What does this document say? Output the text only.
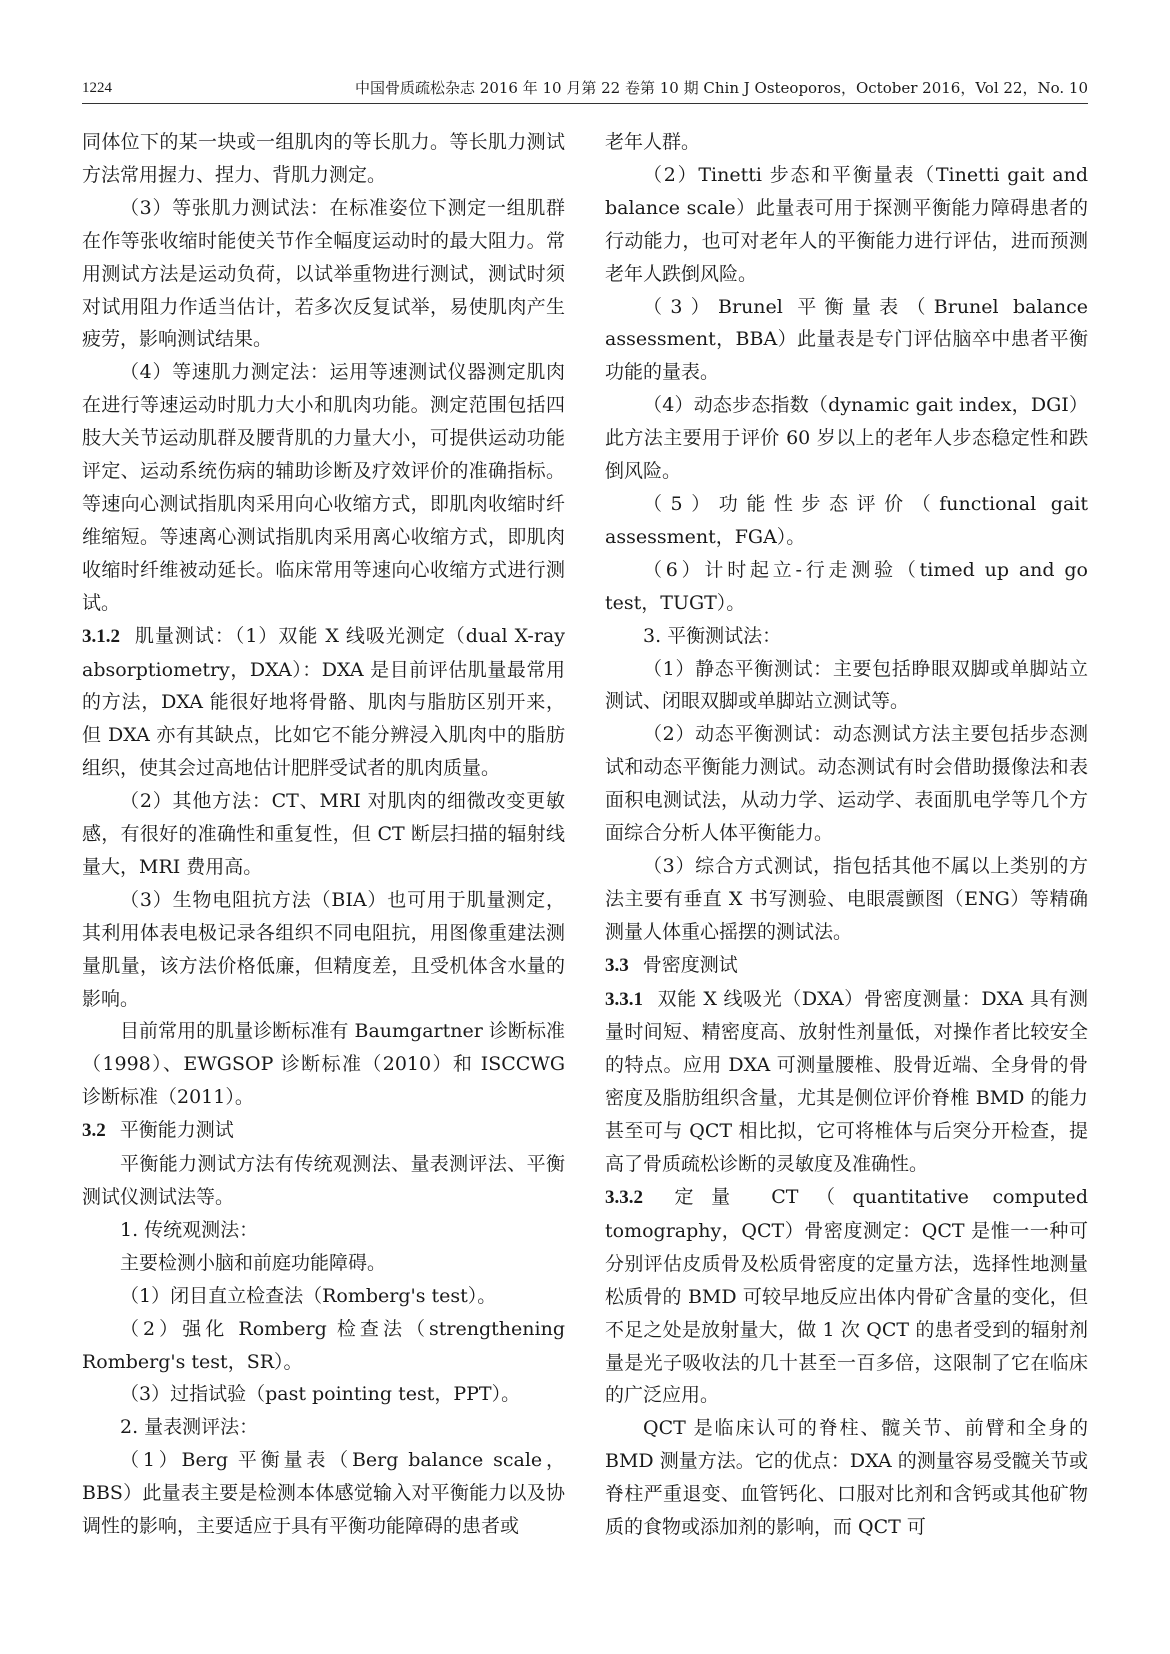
1224	中国骨质疏松杂志 2016 年 10 月第 22 卷第 10 期 Chin J Osteoporos，October 2016，Vol 22，No. 10

同体位下的某一块或一组肌肉的等长肌力。等长肌力测试方法常用握力、捏力、背肌力测定。

（3）等张肌力测试法：在标准姿位下测定一组肌群在作等张收缩时能使关节作全幅度运动时的最大阻力。常用测试方法是运动负荷，以试举重物进行测试，测试时须对试用阻力作适当估计，若多次反复试举，易使肌肉产生疲劳，影响测试结果。

（4）等速肌力测定法：运用等速测试仪器测定肌肉在进行等速运动时肌力大小和肌肉功能。测定范围包括四肢大关节运动肌群及腰背肌的力量大小，可提供运动功能评定、运动系统伤病的辅助诊断及疗效评价的准确指标。等速向心测试指肌肉采用向心收缩方式，即肌肉收缩时纤维缩短。等速离心测试指肌肉采用离心收缩方式，即肌肉收缩时纤维被动延长。临床常用等速向心收缩方式进行测试。

3.1.2 肌量测试：（1）双能 X 线吸光测定（dual X-ray absorptiometry，DXA）：DXA 是目前评估肌量最常用的方法，DXA 能很好地将骨骼、肌肉与脂肪区别开来，但 DXA 亦有其缺点，比如它不能分辨浸入肌肉中的脂肪组织，使其会过高地估计肥胖受试者的肌肉质量。

（2）其他方法：CT、MRI 对肌肉的细微改变更敏感，有很好的准确性和重复性，但 CT 断层扫描的辐射线量大，MRI 费用高。

（3）生物电阻抗方法（BIA）也可用于肌量测定，其利用体表电极记录各组织不同电阻抗，用图像重建法测量肌量，该方法价格低廉，但精度差，且受机体含水量的影响。

目前常用的肌量诊断标准有 Baumgartner 诊断标准（1998）、EWGSOP 诊断标准（2010）和 ISCCWG 诊断标准（2011）。

3.2 平衡能力测试

平衡能力测试方法有传统观测法、量表测评法、平衡测试仪测试法等。

1. 传统观测法：

主要检测小脑和前庭功能障碍。

（1）闭目直立检查法（Romberg's test）。

（2）强化 Romberg 检查法（strengthening Romberg's test，SR）。

（3）过指试验（past pointing test，PPT）。

2. 量表测评法：

（1）Berg 平衡量表（Berg balance scale，BBS）此量表主要是检测本体感觉输入对平衡能力以及协调性的影响，主要适应于具有平衡功能障碍的患者或

老年人群。

（2）Tinetti 步态和平衡量表（Tinetti gait and balance scale）此量表可用于探测平衡能力障碍患者的行动能力，也可对老年人的平衡能力进行评估，进而预测老年人跌倒风险。

（3）Brunel 平衡量表（Brunel balance assessment，BBA）此量表是专门评估脑卒中患者平衡功能的量表。

（4）动态步态指数（dynamic gait index，DGI）此方法主要用于评价 60 岁以上的老年人步态稳定性和跌倒风险。

（5）功能性步态评价（functional gait assessment，FGA）。

（6）计时起立-行走测验（timed up and go test，TUGT）。

3. 平衡测试法：

（1）静态平衡测试：主要包括睁眼双脚或单脚站立测试、闭眼双脚或单脚站立测试等。

（2）动态平衡测试：动态测试方法主要包括步态测试和动态平衡能力测试。动态测试有时会借助摄像法和表面积电测试法，从动力学、运动学、表面肌电学等几个方面综合分析人体平衡能力。

（3）综合方式测试，指包括其他不属以上类别的方法主要有垂直 X 书写测验、电眼震颤图（ENG）等精确测量人体重心摇摆的测试法。

3.3 骨密度测试

3.3.1 双能 X 线吸光（DXA）骨密度测量：DXA 具有测量时间短、精密度高、放射性剂量低，对操作者比较安全的特点。应用 DXA 可测量腰椎、股骨近端、全身骨的骨密度及脂肪组织含量，尤其是侧位评价脊椎 BMD 的能力甚至可与 QCT 相比拟，它可将椎体与后突分开检查，提高了骨质疏松诊断的灵敏度及准确性。

3.3.2 定量 CT（quantitative computed tomography，QCT）骨密度测定：QCT 是惟一一种可分别评估皮质骨及松质骨密度的定量方法，选择性地测量松质骨的 BMD 可较早地反应出体内骨矿含量的变化，但不足之处是放射量大，做 1 次 QCT 的患者受到的辐射剂量是光子吸收法的几十甚至一百多倍，这限制了它在临床的广泛应用。

QCT 是临床认可的脊柱、髋关节、前臂和全身的 BMD 测量方法。它的优点：DXA 的测量容易受髋关节或脊柱严重退变、血管钙化、口服对比剂和含钙或其他矿物质的食物或添加剂的影响，而 QCT 可
